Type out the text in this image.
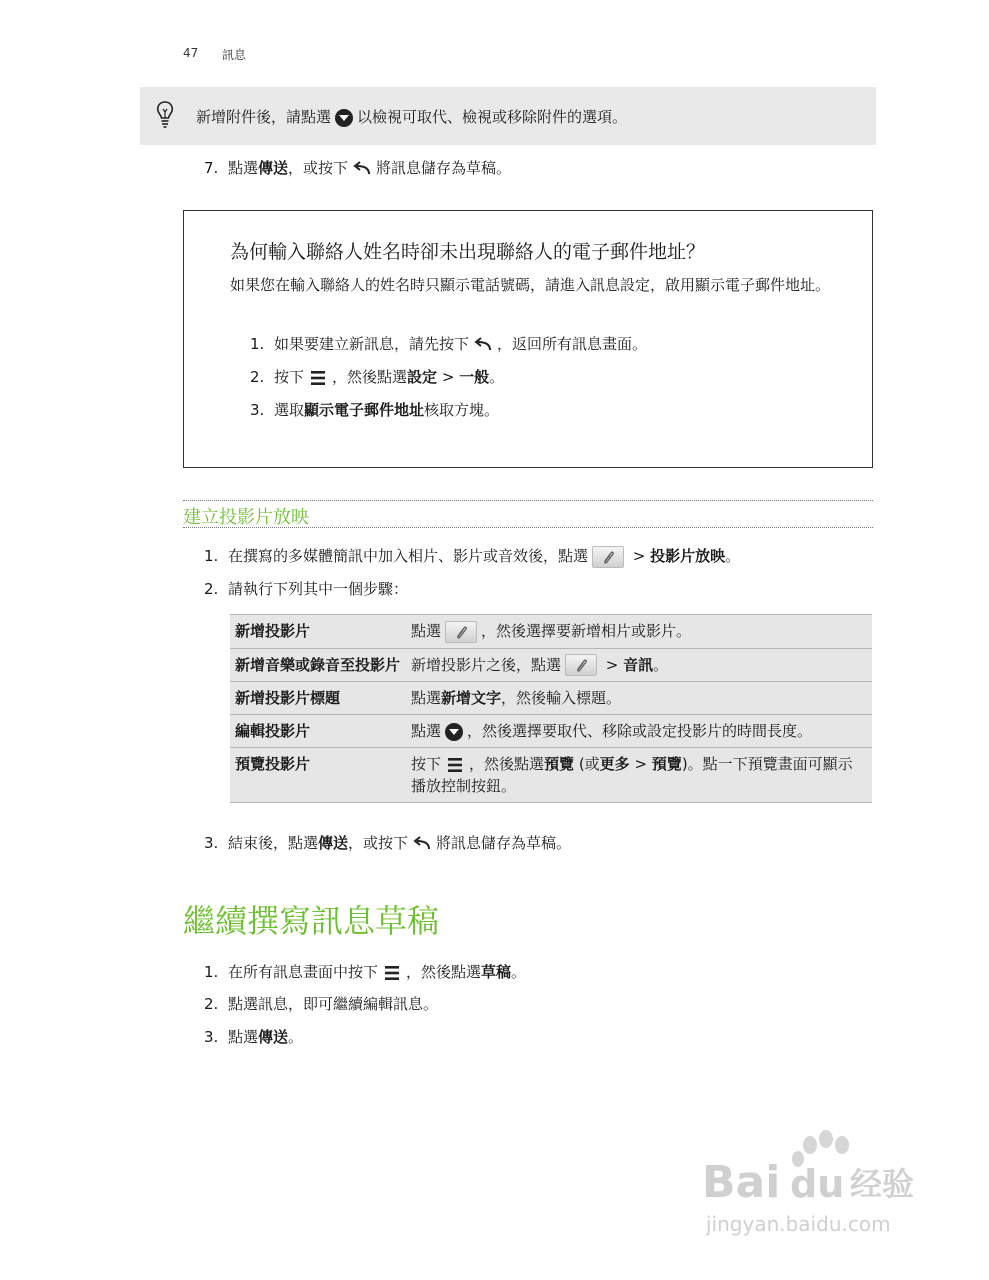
47 訊息
新增附件後，請點選 以檢視可取代、檢視或移除附件的選項。
7. 點選傳送，或按下 將訊息儲存為草稿。
為何輸入聯絡人姓名時卻未出現聯絡人的電子郵件地址？
如果您在輸入聯絡人的姓名時只顯示電話號碼，請進入訊息設定，啟用顯示電子郵件地址。
1. 如果要建立新訊息，請先按下 ，返回所有訊息畫面。
2. 按下 ，然後點選設定 > 一般。
3. 選取顯示電子郵件地址核取方塊。
建立投影片放映
1. 在撰寫的多媒體簡訊中加入相片、影片或音效後，點選	> 投影片放映。
2. 請執行下列其中一個步驟：
新增投影片	點選 ，然後選擇要新增相片或影片。
新增音樂或錄音至投影片	新增投影片之後，點選 > 音訊。
新增投影片標題	點選新增文字，然後輸入標題。
編輯投影片	點選 ，然後選擇要取代、移除或設定投影片的時間長度。
預覽投影片	按下 ，然後點選預覽 (或更多 > 預覽)。點一下預覽畫面可顯示播放控制按鈕。
3. 結束後，點選傳送，或按下 將訊息儲存為草稿。
繼續撰寫訊息草稿
1. 在所有訊息畫面中按下 ，然後點選草稿。
2. 點選訊息，即可繼續編輯訊息。
3. 點選傳送。
Bai du 经验
jingyan.baidu.com
